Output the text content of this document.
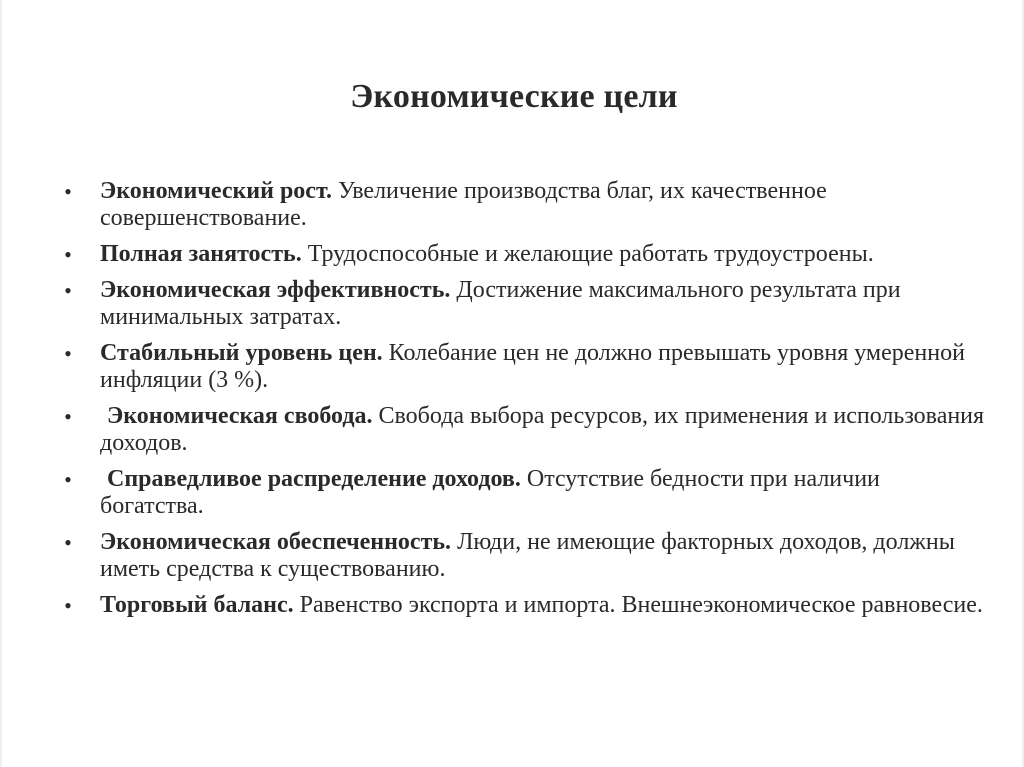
Экономические цели
• Экономический рост. Увеличение производства благ, их качественное совершенствование.
• Полная занятость. Трудоспособные и желающие работать трудоустроены.
• Экономическая эффективность. Достижение максимального результата при минимальных затратах.
• Стабильный уровень цен. Колебание цен не должно превышать уровня умеренной инфляции (3 %).
• Экономическая свобода. Свобода выбора ресурсов, их применения и использования доходов.
• Справедливое распределение доходов. Отсутствие бедности при наличии богатства.
• Экономическая обеспеченность. Люди, не имеющие факторных доходов, должны иметь средства к существованию.
• Торговый баланс. Равенство экспорта и импорта. Внешнеэкономическое равновесие.
